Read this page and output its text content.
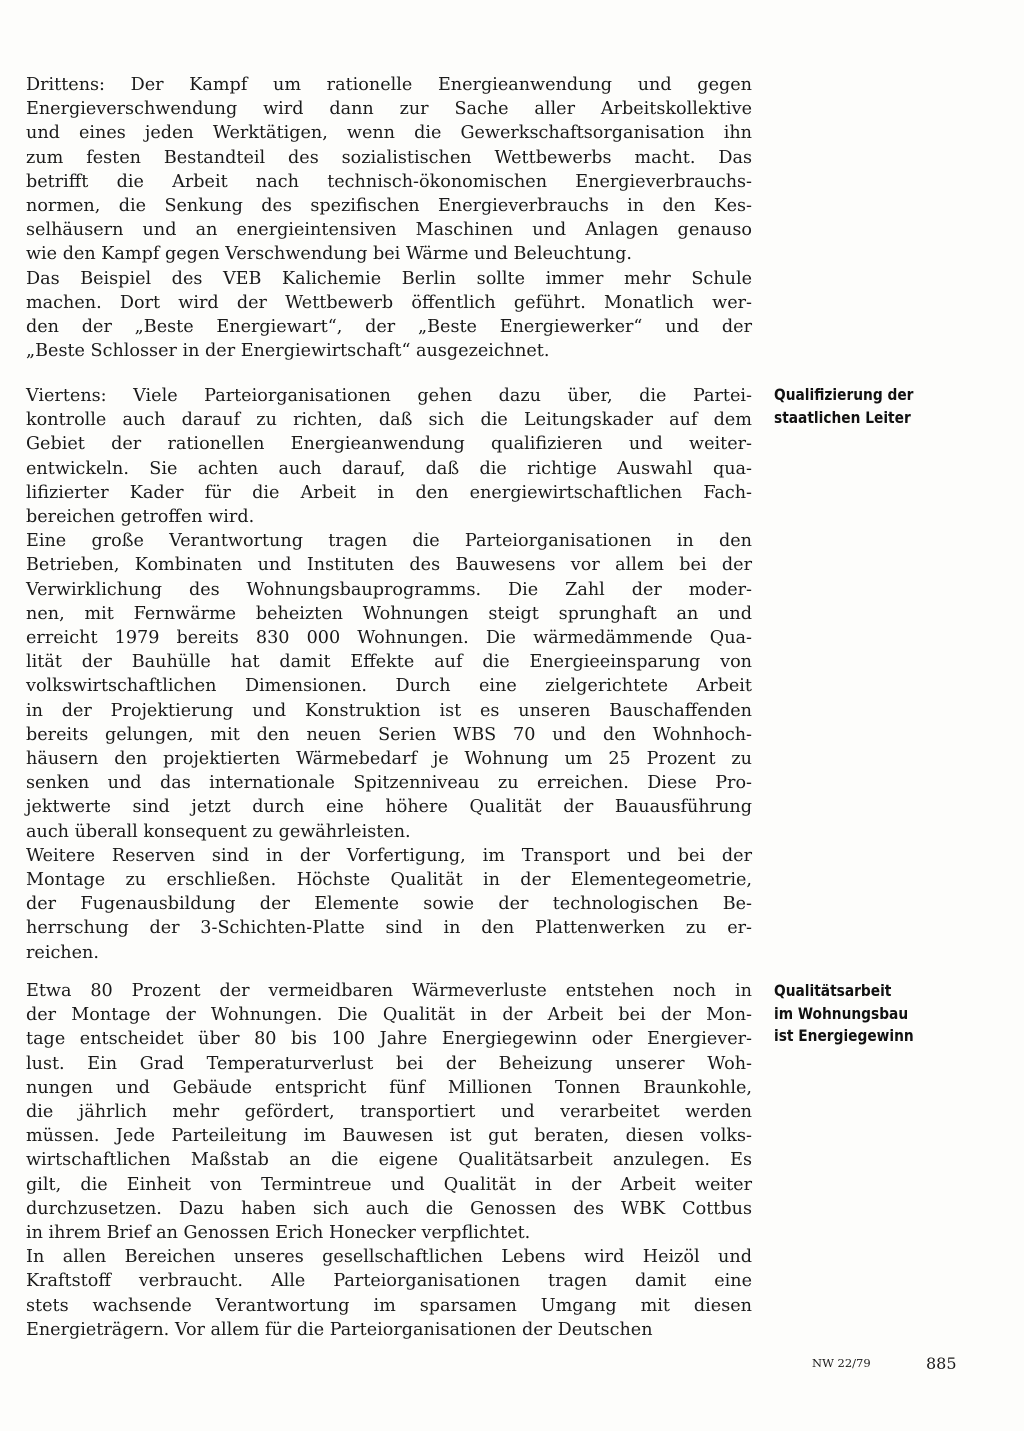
Drittens: Der Kampf um rationelle Energieanwendung und gegen
Energieverschwendung wird dann zur Sache aller Arbeitskollektive
und eines jeden Werktätigen, wenn die Gewerkschaftsorganisation ihn
zum festen Bestandteil des sozialistischen Wettbewerbs macht. Das
betrifft die Arbeit nach technisch-ökonomischen Energieverbrauchs-
normen, die Senkung des spezifischen Energieverbrauchs in den Kes-
selhäusern und an energieintensiven Maschinen und Anlagen genauso
wie den Kampf gegen Verschwendung bei Wärme und Beleuchtung.
Das Beispiel des VEB Kalichemie Berlin sollte immer mehr Schule
machen. Dort wird der Wettbewerb öffentlich geführt. Monatlich wer-
den der „Beste Energiewart“, der „Beste Energiewerker“ und der
„Beste Schlosser in der Energiewirtschaft“ ausgezeichnet.
Viertens: Viele Parteiorganisationen gehen dazu über, die Partei-
kontrolle auch darauf zu richten, daß sich die Leitungskader auf dem
Gebiet der rationellen Energieanwendung qualifizieren und weiter-
entwickeln. Sie achten auch darauf, daß die richtige Auswahl qua-
lifizierter Kader für die Arbeit in den energiewirtschaftlichen Fach-
bereichen getroffen wird.
Eine große Verantwortung tragen die Parteiorganisationen in den
Betrieben, Kombinaten und Instituten des Bauwesens vor allem bei der
Verwirklichung des Wohnungsbauprogramms. Die Zahl der moder-
nen, mit Fernwärme beheizten Wohnungen steigt sprunghaft an und
erreicht 1979 bereits 830 000 Wohnungen. Die wärmedämmende Qua-
lität der Bauhülle hat damit Effekte auf die Energieeinsparung von
volkswirtschaftlichen Dimensionen. Durch eine zielgerichtete Arbeit
in der Projektierung und Konstruktion ist es unseren Bauschaffenden
bereits gelungen, mit den neuen Serien WBS 70 und den Wohnhoch-
häusern den projektierten Wärmebedarf je Wohnung um 25 Prozent zu
senken und das internationale Spitzenniveau zu erreichen. Diese Pro-
jektwerte sind jetzt durch eine höhere Qualität der Bauausführung
auch überall konsequent zu gewährleisten.
Weitere Reserven sind in der Vorfertigung, im Transport und bei der
Montage zu erschließen. Höchste Qualität in der Elementegeometrie,
der Fugenausbildung der Elemente sowie der technologischen Be-
herrschung der 3-Schichten-Platte sind in den Plattenwerken zu er-
reichen.
Etwa 80 Prozent der vermeidbaren Wärmeverluste entstehen noch in
der Montage der Wohnungen. Die Qualität in der Arbeit bei der Mon-
tage entscheidet über 80 bis 100 Jahre Energiegewinn oder Energiever-
lust. Ein Grad Temperaturverlust bei der Beheizung unserer Woh-
nungen und Gebäude entspricht fünf Millionen Tonnen Braunkohle,
die jährlich mehr gefördert, transportiert und verarbeitet werden
müssen. Jede Parteileitung im Bauwesen ist gut beraten, diesen volks-
wirtschaftlichen Maßstab an die eigene Qualitätsarbeit anzulegen. Es
gilt, die Einheit von Termintreue und Qualität in der Arbeit weiter
durchzusetzen. Dazu haben sich auch die Genossen des WBK Cottbus
in ihrem Brief an Genossen Erich Honecker verpflichtet.
In allen Bereichen unseres gesellschaftlichen Lebens wird Heizöl und
Kraftstoff verbraucht. Alle Parteiorganisationen tragen damit eine
stets wachsende Verantwortung im sparsamen Umgang mit diesen
Energieträgern. Vor allem für die Parteiorganisationen der Deutschen
Qualifizierung der
staatlichen Leiter
Qualitätsarbeit
im Wohnungsbau
ist Energiegewinn
NW 22/79	885
